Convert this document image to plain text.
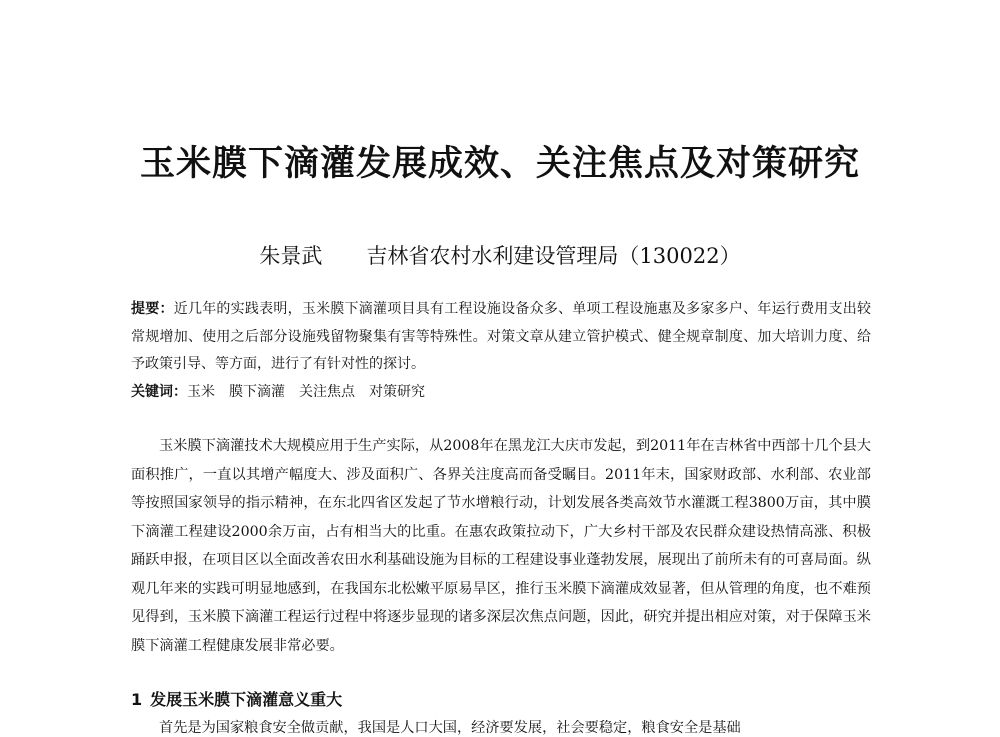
玉米膜下滴灌发展成效、关注焦点及对策研究
朱景武 吉林省农村水利建设管理局（130022）
提要：近几年的实践表明，玉米膜下滴灌项目具有工程设施设备众多、单项工程设施惠及多家多户、年运行费用支出较常规增加、使用之后部分设施残留物聚集有害等特殊性。对策文章从建立管护模式、健全规章制度、加大培训力度、给予政策引导、等方面，进行了有针对性的探讨。
关键词：玉米 膜下滴灌 关注焦点 对策研究
玉米膜下滴灌技术大规模应用于生产实际，从2008年在黑龙江大庆市发起，到2011年在吉林省中西部十几个县大面积推广，一直以其增产幅度大、涉及面积广、各界关注度高而备受瞩目。2011年末，国家财政部、水利部、农业部等按照国家领导的指示精神，在东北四省区发起了节水增粮行动，计划发展各类高效节水灌溉工程3800万亩，其中膜下滴灌工程建设2000余万亩，占有相当大的比重。在惠农政策拉动下，广大乡村干部及农民群众建设热情高涨、积极踊跃申报，在项目区以全面改善农田水利基础设施为目标的工程建设事业蓬勃发展，展现出了前所未有的可喜局面。纵观几年来的实践可明显地感到，在我国东北松嫩平原易旱区，推行玉米膜下滴灌成效显著，但从管理的角度，也不难预见得到，玉米膜下滴灌工程运行过程中将逐步显现的诸多深层次焦点问题，因此，研究并提出相应对策，对于保障玉米膜下滴灌工程健康发展非常必要。
1 发展玉米膜下滴灌意义重大
首先是为国家粮食安全做贡献，我国是人口大国，经济要发展，社会要稳定，粮食安全是基础
